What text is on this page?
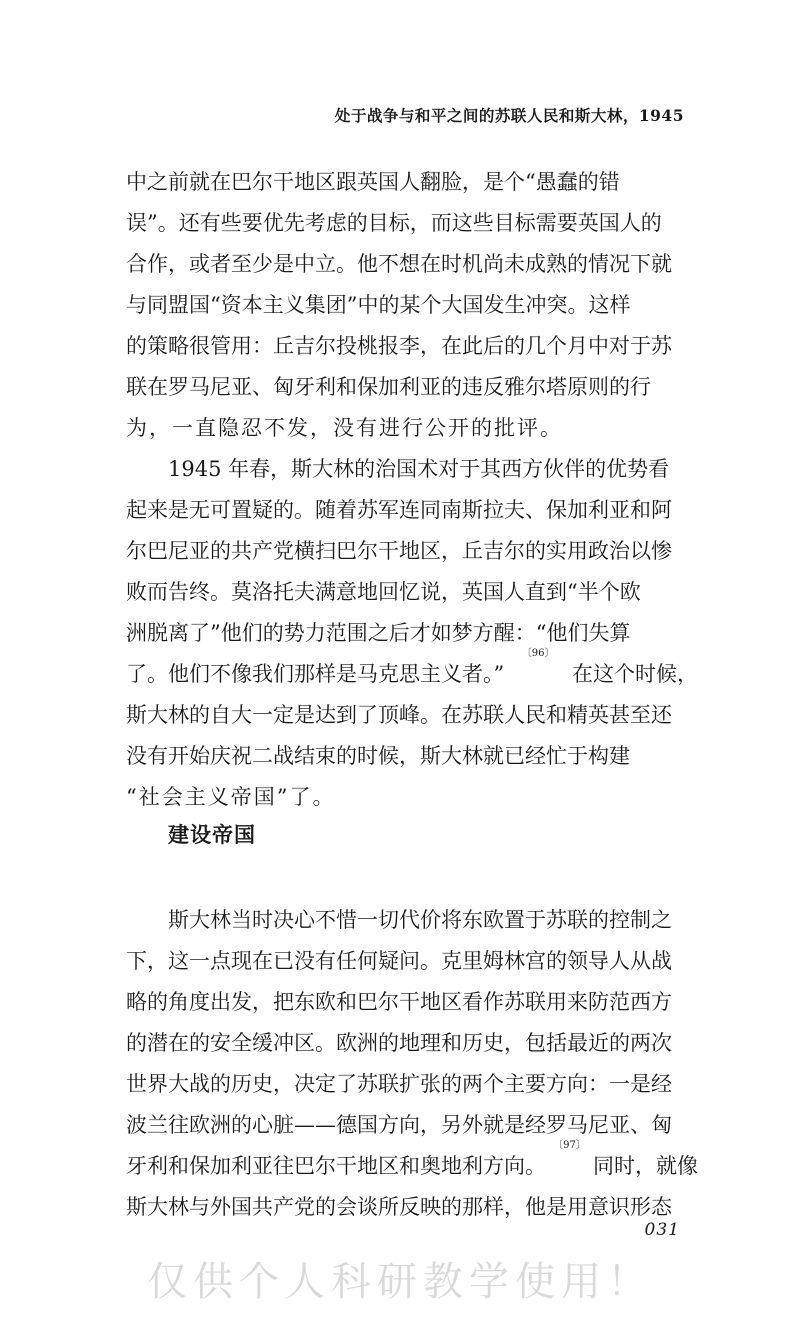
处于战争与和平之间的苏联人民和斯大林，1945
中之前就在巴尔干地区跟英国人翻脸，是个“愚蠢的错
误”。还有些要优先考虑的目标，而这些目标需要英国人的
合作，或者至少是中立。他不想在时机尚未成熟的情况下就
与同盟国“资本主义集团”中的某个大国发生冲突。这样
的策略很管用：丘吉尔投桃报李，在此后的几个月中对于苏
联在罗马尼亚、匈牙利和保加利亚的违反雅尔塔原则的行
为，一直隐忍不发，没有进行公开的批评。
1945 年春，斯大林的治国术对于其西方伙伴的优势看
起来是无可置疑的。随着苏军连同南斯拉夫、保加利亚和阿
尔巴尼亚的共产党横扫巴尔干地区，丘吉尔的实用政治以惨
败而告终。莫洛托夫满意地回忆说，英国人直到“半个欧
洲脱离了”他们的势力范围之后才如梦方醒：“他们失算
了。他们不像我们那样是马克思主义者。”
〔96〕
在这个时候，
斯大林的自大一定是达到了顶峰。在苏联人民和精英甚至还
没有开始庆祝二战结束的时候，斯大林就已经忙于构建
“社会主义帝国”了。
建设帝国
斯大林当时决心不惜一切代价将东欧置于苏联的控制之
下，这一点现在已没有任何疑问。克里姆林宫的领导人从战
略的角度出发，把东欧和巴尔干地区看作苏联用来防范西方
的潜在的安全缓冲区。欧洲的地理和历史，包括最近的两次
世界大战的历史，决定了苏联扩张的两个主要方向：一是经
波兰往欧洲的心脏——德国方向，另外就是经罗马尼亚、匈
牙利和保加利亚往巴尔干地区和奥地利方向。
〔97〕
同时，就像
斯大林与外国共产党的会谈所反映的那样，他是用意识形态
031
仅供个人科研教学使用！
